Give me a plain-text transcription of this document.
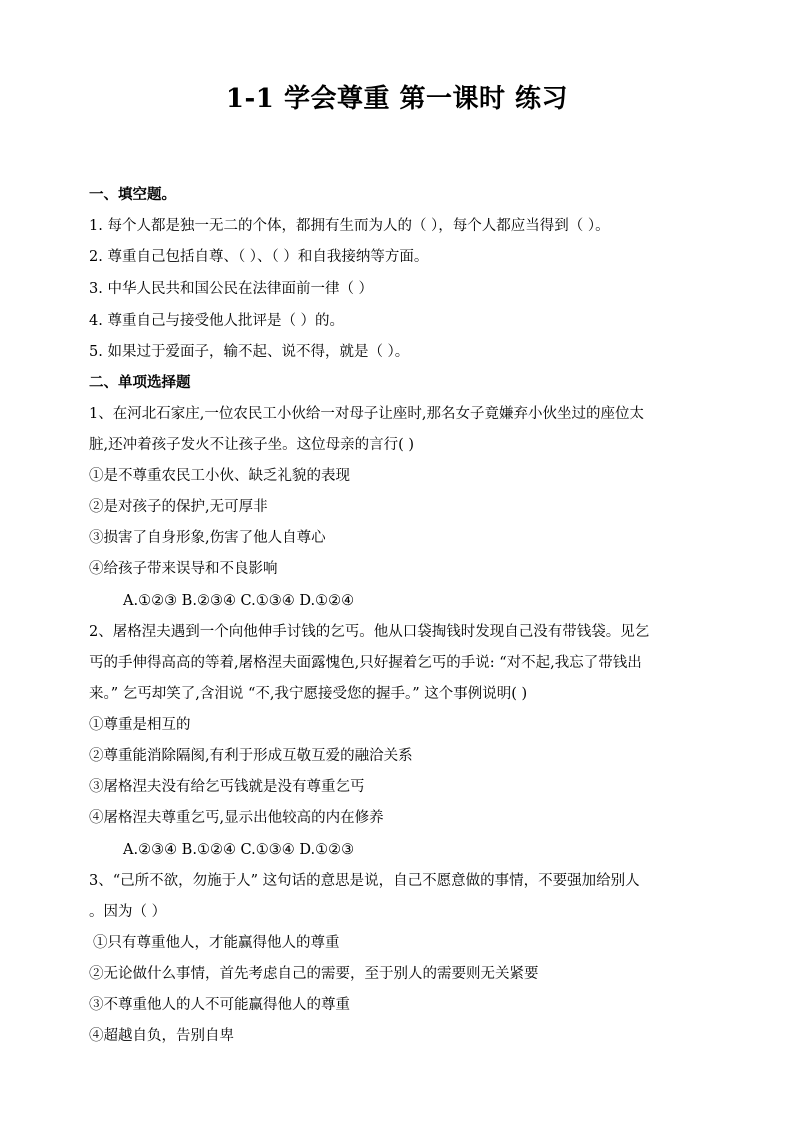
1-1 学会尊重 第一课时 练习
一、填空题。
1. 每个人都是独一无二的个体，都拥有生而为人的（ ），每个人都应当得到（ ）。
2. 尊重自己包括自尊、（ ）、（ ）和自我接纳等方面。
3. 中华人民共和国公民在法律面前一律（ ）
4. 尊重自己与接受他人批评是（ ）的。
5. 如果过于爱面子，输不起、说不得，就是（ ）。
二、单项选择题
1、在河北石家庄,一位农民工小伙给一对母子让座时,那名女子竟嫌弃小伙坐过的座位太
脏,还冲着孩子发火不让孩子坐。这位母亲的言行( )
①是不尊重农民工小伙、缺乏礼貌的表现
②是对孩子的保护,无可厚非
③损害了自身形象,伤害了他人自尊心
④给孩子带来误导和不良影响
A.①②③ B.②③④ C.①③④ D.①②④
2、屠格涅夫遇到一个向他伸手讨钱的乞丐。他从口袋掏钱时发现自己没有带钱袋。见乞
丐的手伸得高高的等着,屠格涅夫面露愧色,只好握着乞丐的手说: “对不起,我忘了带钱出
来。” 乞丐却笑了,含泪说 “不,我宁愿接受您的握手。” 这个事例说明( )
①尊重是相互的
②尊重能消除隔阂,有利于形成互敬互爱的融洽关系
③屠格涅夫没有给乞丐钱就是没有尊重乞丐
④屠格涅夫尊重乞丐,显示出他较高的内在修养
A.②③④ B.①②④ C.①③④ D.①②③
3、“己所不欲，勿施于人” 这句话的意思是说，自己不愿意做的事情，不要强加给别人
。因为（ ）
①只有尊重他人，才能赢得他人的尊重
②无论做什么事情，首先考虑自己的需要，至于别人的需要则无关紧要
③不尊重他人的人不可能赢得他人的尊重
④超越自负，告别自卑
